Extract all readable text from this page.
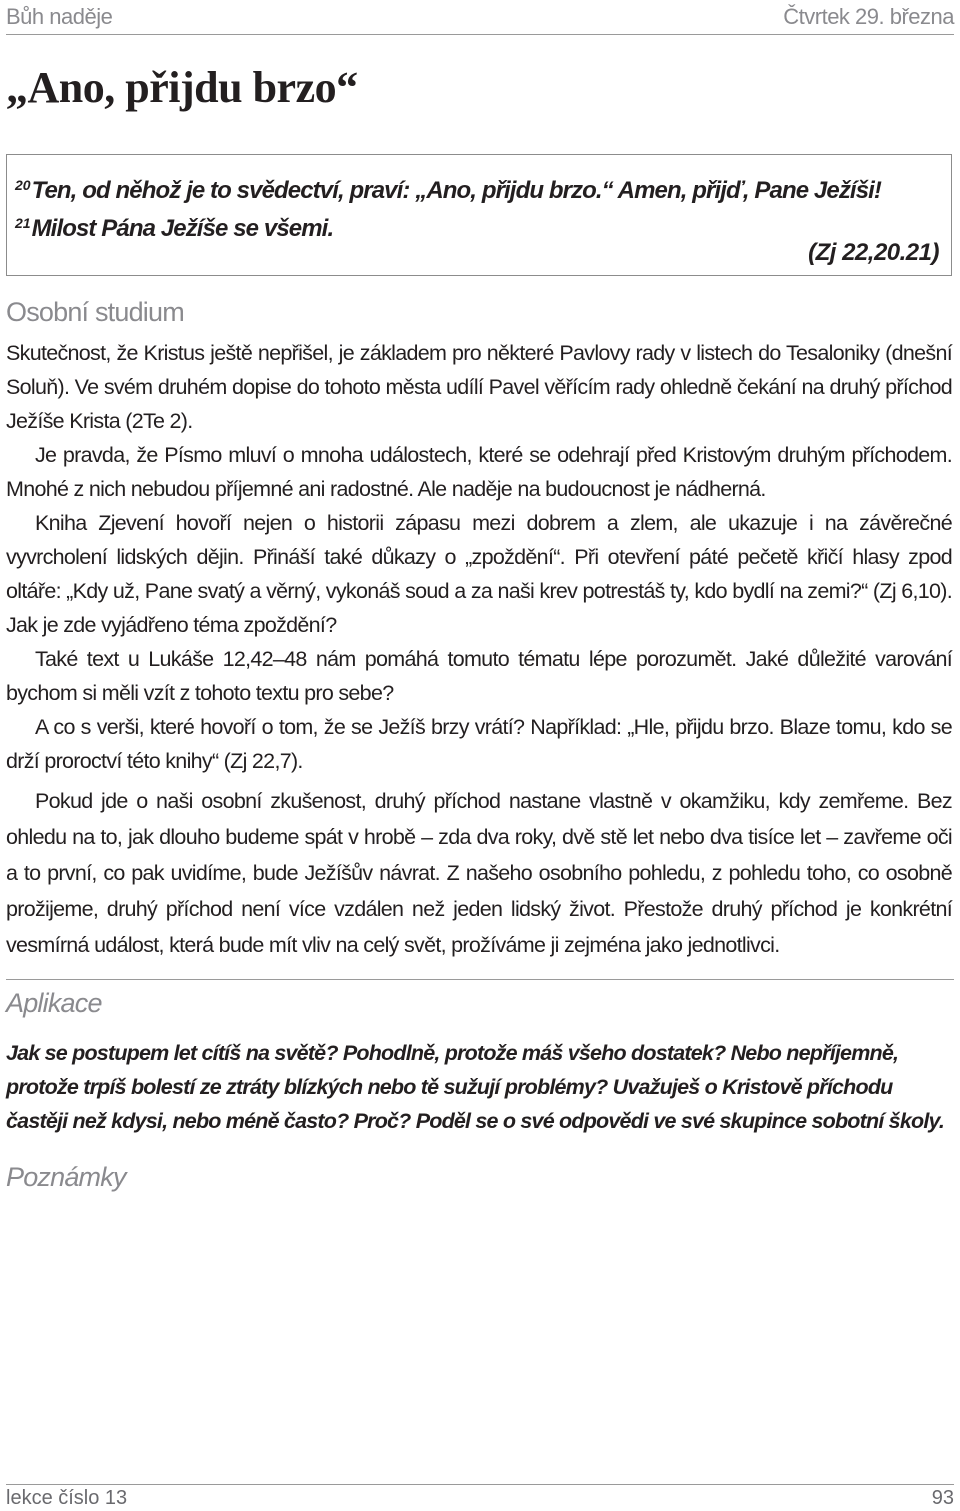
Bůh naděje	Čtvrtek 29. března
„Ano, přijdu brzo“
$^{20}$Ten, od něhož je to svědectví, praví: „Ano, přijdu brzo.“ Amen, přijď, Pane Ježíši! $^{21}$Milost Pána Ježíše se všemi.
(Zj 22,20.21)
Osobní studium

Skutečnost, že Kristus ještě nepřišel, je základem pro některé Pavlovy rady v listech do Tesaloniky (dnešní Soluň). Ve svém druhém dopise do tohoto města udílí Pavel věřícím rady ohledně čekání na druhý příchod Ježíše Krista (2Te 2).

Je pravda, že Písmo mluví o mnoha událostech, které se odehrají před Kristovým druhým příchodem. Mnohé z nich nebudou příjemné ani radostné. Ale naděje na budoucnost je nádherná.

Kniha Zjevení hovoří nejen o historii zápasu mezi dobrem a zlem, ale ukazuje i na závěrečné vyvrcholení lidských dějin. Přináší také důkazy o „zpoždění“. Při otevření páté pečetě křičí hlasy zpod oltáře: „Kdy už, Pane svatý a věrný, vykonáš soud a za naši krev potrestáš ty, kdo bydlí na zemi?“ (Zj 6,10). Jak je zde vyjádřeno téma zpoždění?

Také text u Lukáše 12,42–48 nám pomáhá tomuto tématu lépe porozumět. Jaké důležité varování bychom si měli vzít z tohoto textu pro sebe?

A co s verši, které hovoří o tom, že se Ježíš brzy vrátí? Například: „Hle, přijdu brzo. Blaze tomu, kdo se drží proroctví této knihy“ (Zj 22,7).

Pokud jde o naši osobní zkušenost, druhý příchod nastane vlastně v okamžiku, kdy zemřeme. Bez ohledu na to, jak dlouho budeme spát v hrobě – zda dva roky, dvě stě let nebo dva tisíce let – zavřeme oči a to první, co pak uvidíme, bude Ježíšův návrat. Z našeho osobního pohledu, z pohledu toho, co osobně prožijeme, druhý příchod není více vzdálen než jeden lidský život. Přestože druhý příchod je konkrétní vesmírná událost, která bude mít vliv na celý svět, prožíváme ji zejména jako jednotlivci.

Aplikace

Jak se postupem let cítíš na světě? Pohodlně, protože máš všeho dostatek? Nebo nepříjemně, protože trpíš bolestí ze ztráty blízkých nebo tě sužují problémy? Uvažuješ o Kristově příchodu častěji než kdysi, nebo méně často? Proč? Poděl se o své odpovědi ve své skupince sobotní školy.

Poznámky
lekce číslo 13	93
